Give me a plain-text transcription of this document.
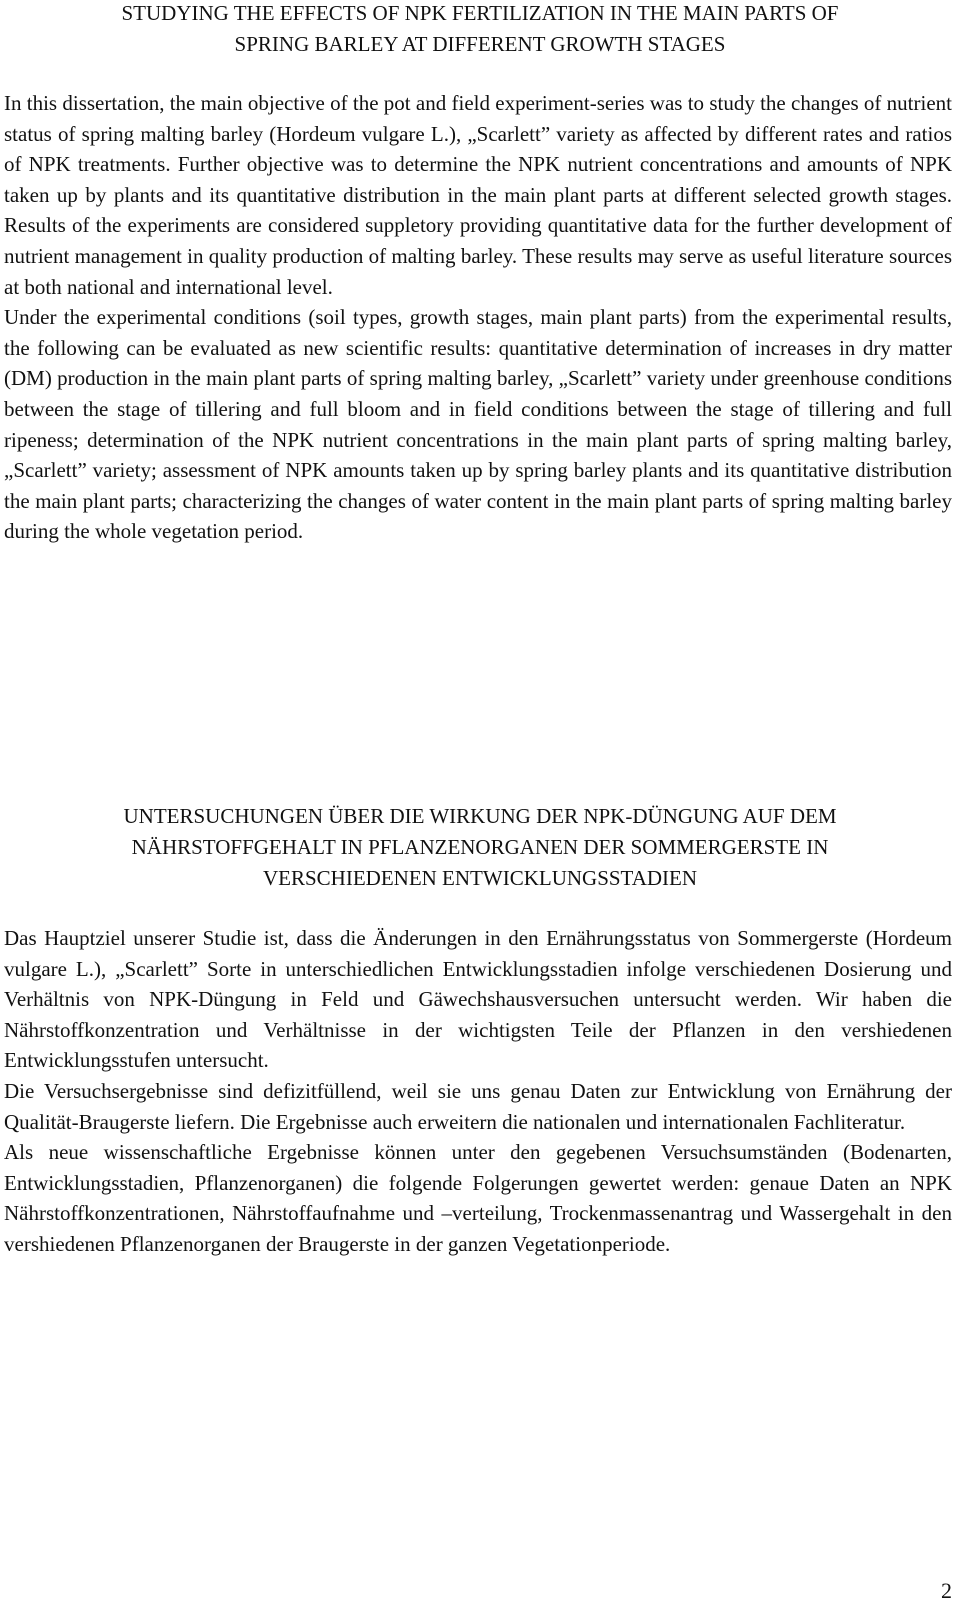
STUDYING THE EFFECTS OF NPK FERTILIZATION IN THE MAIN PARTS OF
SPRING BARLEY AT DIFFERENT GROWTH STAGES

In this dissertation, the main objective of the pot and field experiment-series was to study the changes of nutrient status of spring malting barley (Hordeum vulgare L.), „Scarlett” variety as affected by different rates and ratios of NPK treatments. Further objective was to determine the NPK nutrient concentrations and amounts of NPK taken up by plants and its quantitative distribution in the main plant parts at different selected growth stages. Results of the experiments are considered suppletory providing quantitative data for the further development of nutrient management in quality production of malting barley. These results may serve as useful literature sources at both national and international level.

Under the experimental conditions (soil types, growth stages, main plant parts) from the experimental results, the following can be evaluated as new scientific results: quantitative determination of increases in dry matter (DM) production in the main plant parts of spring malting barley, „Scarlett” variety under greenhouse conditions between the stage of tillering and full bloom and in field conditions between the stage of tillering and full ripeness; determination of the NPK nutrient concentrations in the main plant parts of spring malting barley, „Scarlett” variety; assessment of NPK amounts taken up by spring barley plants and its quantitative distribution the main plant parts; characterizing the changes of water content in the main plant parts of spring malting barley during the whole vegetation period.

UNTERSUCHUNGEN ÜBER DIE WIRKUNG DER NPK-DÜNGUNG AUF DEM
NÄHRSTOFFGEHALT IN PFLANZENORGANEN DER SOMMERGERSTE IN
VERSCHIEDENEN ENTWICKLUNGSSTADIEN

Das Hauptziel unserer Studie ist, dass die Änderungen in den Ernährungsstatus von Sommergerste (Hordeum vulgare L.), „Scarlett” Sorte in unterschiedlichen Entwicklungsstadien infolge verschiedenen Dosierung und Verhältnis von NPK-Düngung in Feld und Gäwechshausversuchen untersucht werden. Wir haben die Nährstoffkonzentration und Verhältnisse in der wichtigsten Teile der Pflanzen in den vershiedenen Entwicklungsstufen untersucht.

Die Versuchsergebnisse sind defizitfüllend, weil sie uns genau Daten zur Entwicklung von Ernährung der Qualität-Braugerste liefern. Die Ergebnisse auch erweitern die nationalen und internationalen Fachliteratur.

Als neue wissenschaftliche Ergebnisse können unter den gegebenen Versuchsumständen (Bodenarten, Entwicklungsstadien, Pflanzenorganen) die folgende Folgerungen gewertet werden: genaue Daten an NPK Nährstoffkonzentrationen, Nährstoffaufnahme und –verteilung, Trockenmassenantrag und Wassergehalt in den vershiedenen Pflanzenorganen der Braugerste in der ganzen Vegetationperiode.

2
